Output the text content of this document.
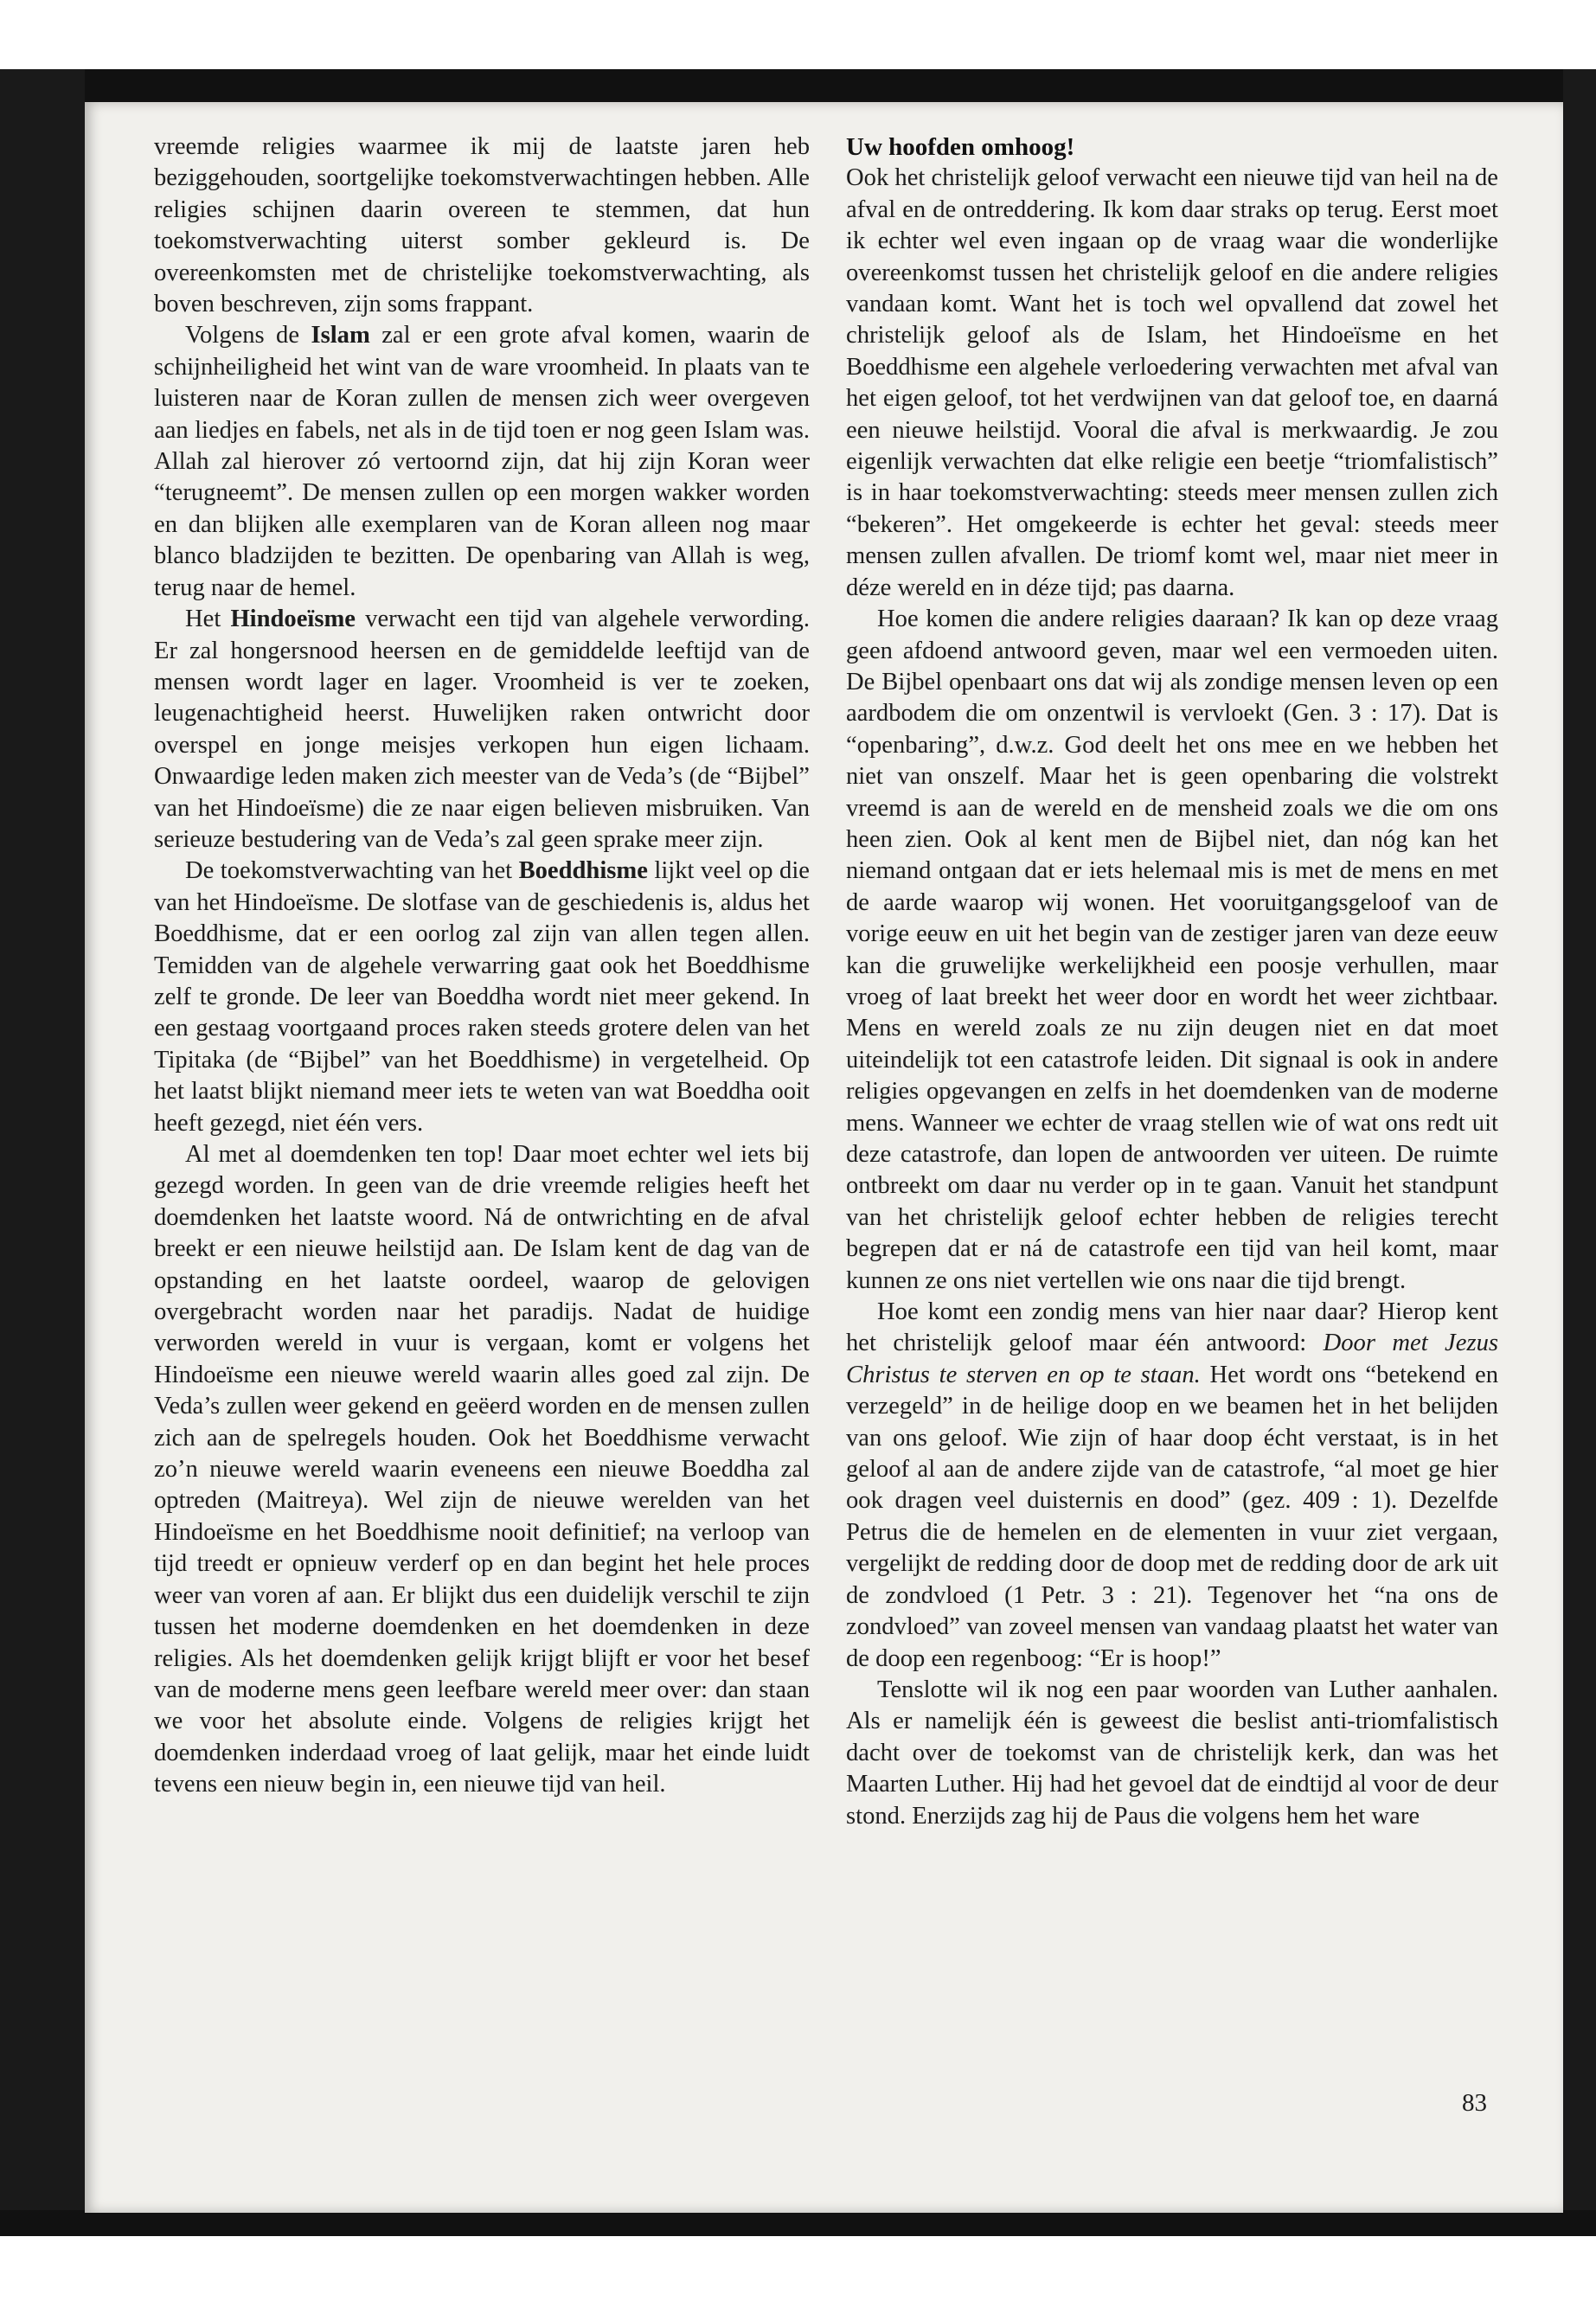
vreemde religies waarmee ik mij de laatste jaren heb beziggehouden, soortgelijke toekomstverwachtingen hebben. Alle religies schijnen daarin overeen te stemmen, dat hun toekomstverwachting uiterst somber gekleurd is. De overeenkomsten met de christelijke toekomstverwachting, als boven beschreven, zijn soms frappant.

Volgens de Islam zal er een grote afval komen, waarin de schijnheiligheid het wint van de ware vroomheid. In plaats van te luisteren naar de Koran zullen de mensen zich weer overgeven aan liedjes en fabels, net als in de tijd toen er nog geen Islam was. Allah zal hierover zó vertoornd zijn, dat hij zijn Koran weer “terugneemt”. De mensen zullen op een morgen wakker worden en dan blijken alle exemplaren van de Koran alleen nog maar blanco bladzijden te bezitten. De openbaring van Allah is weg, terug naar de hemel.

Het Hindoeïsme verwacht een tijd van algehele verwording. Er zal hongersnood heersen en de gemiddelde leeftijd van de mensen wordt lager en lager. Vroomheid is ver te zoeken, leugenachtigheid heerst. Huwelijken raken ontwricht door overspel en jonge meisjes verkopen hun eigen lichaam. Onwaardige leden maken zich meester van de Veda’s (de “Bijbel” van het Hindoeïsme) die ze naar eigen believen misbruiken. Van serieuze bestudering van de Veda’s zal geen sprake meer zijn.

De toekomstverwachting van het Boeddhisme lijkt veel op die van het Hindoeïsme. De slotfase van de geschiedenis is, aldus het Boeddhisme, dat er een oorlog zal zijn van allen tegen allen. Temidden van de algehele verwarring gaat ook het Boeddhisme zelf te gronde. De leer van Boeddha wordt niet meer gekend. In een gestaag voortgaand proces raken steeds grotere delen van het Tipitaka (de “Bijbel” van het Boeddhisme) in vergetelheid. Op het laatst blijkt niemand meer iets te weten van wat Boeddha ooit heeft gezegd, niet één vers.

Al met al doemdenken ten top! Daar moet echter wel iets bij gezegd worden. In geen van de drie vreemde religies heeft het doemdenken het laatste woord. Ná de ontwrichting en de afval breekt er een nieuwe heilstijd aan. De Islam kent de dag van de opstanding en het laatste oordeel, waarop de gelovigen overgebracht worden naar het paradijs. Nadat de huidige verworden wereld in vuur is vergaan, komt er volgens het Hindoeïsme een nieuwe wereld waarin alles goed zal zijn. De Veda’s zullen weer gekend en geëerd worden en de mensen zullen zich aan de spelregels houden. Ook het Boeddhisme verwacht zo’n nieuwe wereld waarin eveneens een nieuwe Boeddha zal optreden (Maitreya). Wel zijn de nieuwe werelden van het Hindoeïsme en het Boeddhisme nooit definitief; na verloop van tijd treedt er opnieuw verderf op en dan begint het hele proces weer van voren af aan. Er blijkt dus een duidelijk verschil te zijn tussen het moderne doemdenken en het doemdenken in deze religies. Als het doemdenken gelijk krijgt blijft er voor het besef van de moderne mens geen leefbare wereld meer over: dan staan we voor het absolute einde. Volgens de religies krijgt het doemdenken inderdaad vroeg of laat gelijk, maar het einde luidt tevens een nieuw begin in, een nieuwe tijd van heil.

Uw hoofden omhoog!

Ook het christelijk geloof verwacht een nieuwe tijd van heil na de afval en de ontreddering. Ik kom daar straks op terug. Eerst moet ik echter wel even ingaan op de vraag waar die wonderlijke overeenkomst tussen het christelijk geloof en die andere religies vandaan komt. Want het is toch wel opvallend dat zowel het christelijk geloof als de Islam, het Hindoeïsme en het Boeddhisme een algehele verloedering verwachten met afval van het eigen geloof, tot het verdwijnen van dat geloof toe, en daarná een nieuwe heilstijd. Vooral die afval is merkwaardig. Je zou eigenlijk verwachten dat elke religie een beetje “triomfalistisch” is in haar toekomstverwachting: steeds meer mensen zullen zich “bekeren”. Het omgekeerde is echter het geval: steeds meer mensen zullen afvallen. De triomf komt wel, maar niet meer in déze wereld en in déze tijd; pas daarna.

Hoe komen die andere religies daaraan? Ik kan op deze vraag geen afdoend antwoord geven, maar wel een vermoeden uiten. De Bijbel openbaart ons dat wij als zondige mensen leven op een aardbodem die om onzentwil is vervloekt (Gen. 3 : 17). Dat is “openbaring”, d.w.z. God deelt het ons mee en we hebben het niet van onszelf. Maar het is geen openbaring die volstrekt vreemd is aan de wereld en de mensheid zoals we die om ons heen zien. Ook al kent men de Bijbel niet, dan nóg kan het niemand ontgaan dat er iets helemaal mis is met de mens en met de aarde waarop wij wonen. Het vooruitgangsgeloof van de vorige eeuw en uit het begin van de zestiger jaren van deze eeuw kan die gruwelijke werkelijkheid een poosje verhullen, maar vroeg of laat breekt het weer door en wordt het weer zichtbaar. Mens en wereld zoals ze nu zijn deugen niet en dat moet uiteindelijk tot een catastrofe leiden. Dit signaal is ook in andere religies opgevangen en zelfs in het doemdenken van de moderne mens. Wanneer we echter de vraag stellen wie of wat ons redt uit deze catastrofe, dan lopen de antwoorden ver uiteen. De ruimte ontbreekt om daar nu verder op in te gaan. Vanuit het standpunt van het christelijk geloof echter hebben de religies terecht begrepen dat er ná de catastrofe een tijd van heil komt, maar kunnen ze ons niet vertellen wie ons naar die tijd brengt.

Hoe komt een zondig mens van hier naar daar? Hierop kent het christelijk geloof maar één antwoord: Door met Jezus Christus te sterven en op te staan. Het wordt ons “betekend en verzegeld” in de heilige doop en we beamen het in het belijden van ons geloof. Wie zijn of haar doop écht verstaat, is in het geloof al aan de andere zijde van de catastrofe, “al moet ge hier ook dragen veel duisternis en dood” (gez. 409 : 1). Dezelfde Petrus die de hemelen en de elementen in vuur ziet vergaan, vergelijkt de redding door de doop met de redding door de ark uit de zondvloed (1 Petr. 3 : 21). Tegenover het “na ons de zondvloed” van zoveel mensen van vandaag plaatst het water van de doop een regenboog: “Er is hoop!”

Tenslotte wil ik nog een paar woorden van Luther aanhalen. Als er namelijk één is geweest die beslist anti-triomfalistisch dacht over de toekomst van de christelijk kerk, dan was het Maarten Luther. Hij had het gevoel dat de eindtijd al voor de deur stond. Enerzijds zag hij de Paus die volgens hem het ware

83
